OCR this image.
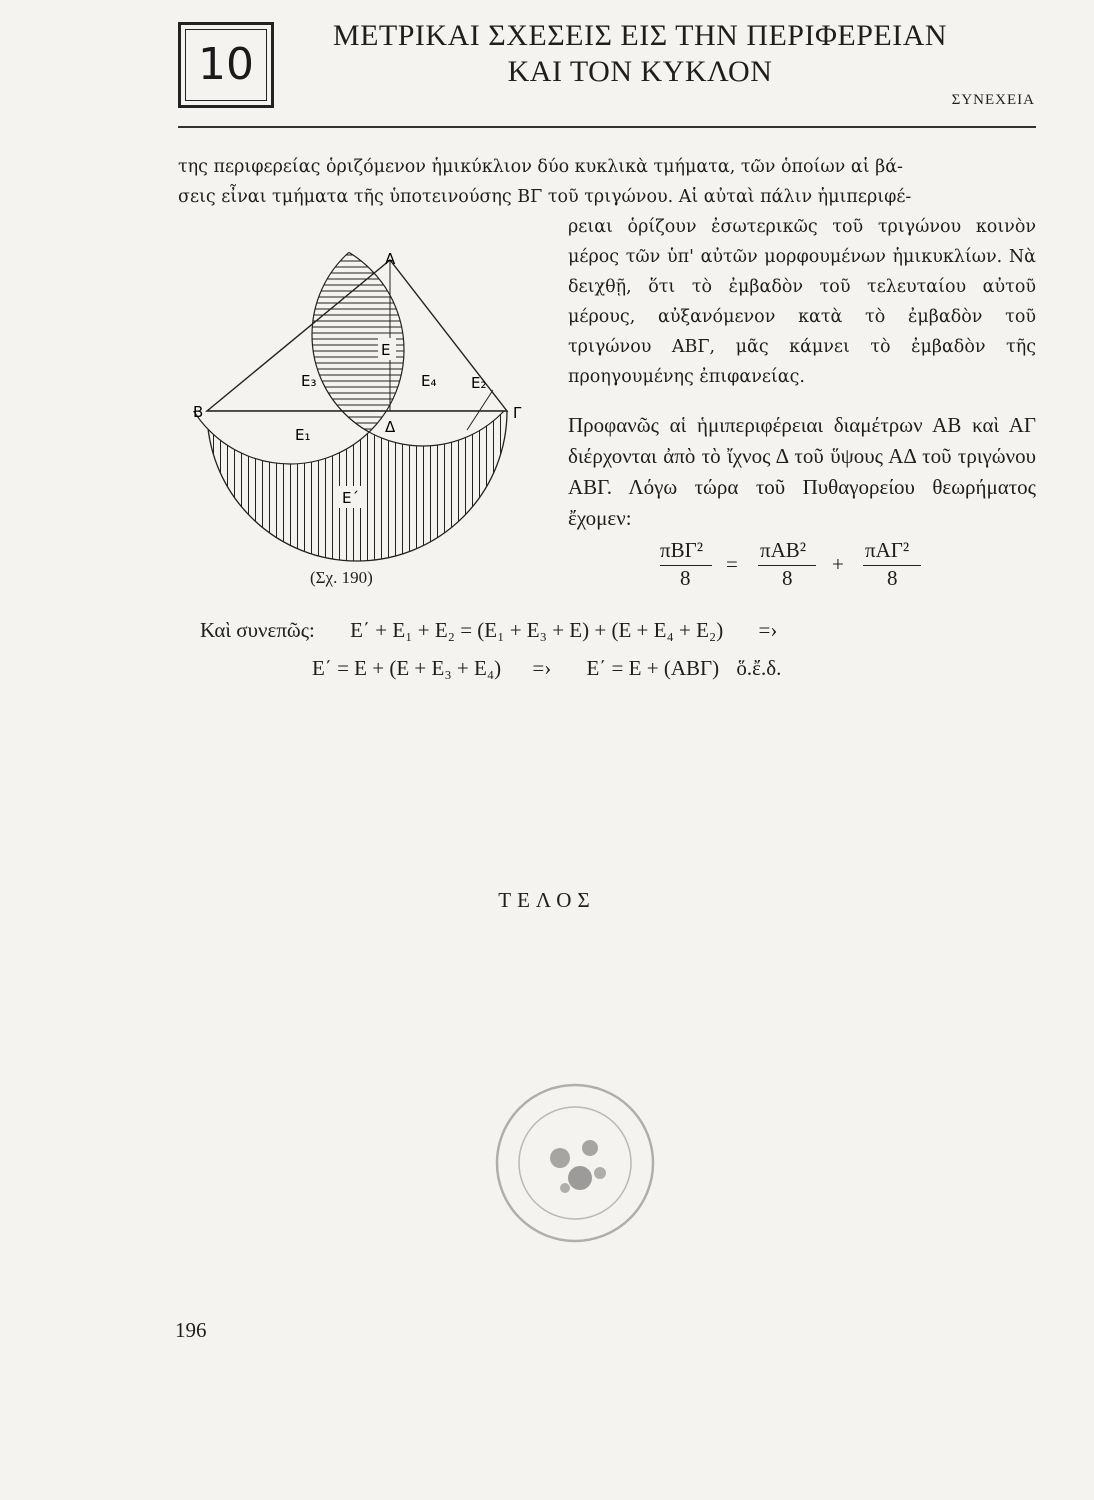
10
ΜΕΤΡΙΚΑΙ ΣΧΕΣΕΙΣ ΕΙΣ ΤΗΝ ΠΕΡΙΦΕΡΕΙΑΝ
ΚΑΙ ΤΟΝ ΚΥΚΛΟΝ
ΣΥΝΕΧΕΙΑ
της περιφερείας ὁριζόμενον ἡμικύκλιον δύο κυκλικὰ τμήματα, τῶν ὁποίων αἱ βά-
σεις εἶναι τμήματα τῆς ὑποτεινούσης ΒΓ τοῦ τριγώνου. Αἱ αὐταὶ πάλιν ἡμιπεριφέ-
ρειαι ὁρίζουν ἐσωτερικῶς τοῦ τριγώνου κοινὸν μέρος τῶν ὑπ' αὐτῶν μορφουμένων ἡμικυκλίων. Νὰ δειχθῇ, ὅτι τὸ ἐμβαδὸν τοῦ τελευταίου αὐτοῦ μέρους, αὐξανόμενον κατὰ τὸ ἐμβαδὸν τοῦ τριγώνου ΑΒΓ, μᾶς κάμνει τὸ ἐμβαδὸν τῆς προηγουμένης ἐπιφανείας.
Α
Β	Γ
Δ
Ε
Ε₁
Ε₂
Ε₃	Ε₄
Ε΄
(Σχ. 190)
Προφανῶς αἱ ἡμιπεριφέρειαι διαμέτρων ΑΒ καὶ ΑΓ διέρχονται ἀπὸ τὸ ἴχνος Δ τοῦ ὕψους ΑΔ τοῦ τριγώνου ΑΒΓ. Λόγω τώρα τοῦ Πυθαγορείου θεωρήματος ἔχομεν:
πΒΓ²
8
=
πΑΒ²
8
+
πΑΓ²
8
Καὶ συνεπῶς: Ε΄ + Ε₁ + Ε₂ = (Ε₁ + Ε₃ + Ε) + (Ε + Ε₄ + Ε₂) =›
Ε΄ = Ε + (Ε + Ε₃ + Ε₄) =› Ε΄ = Ε + (ΑΒΓ) ὅ.ἔ.δ.
ΤΕΛΟΣ
196
